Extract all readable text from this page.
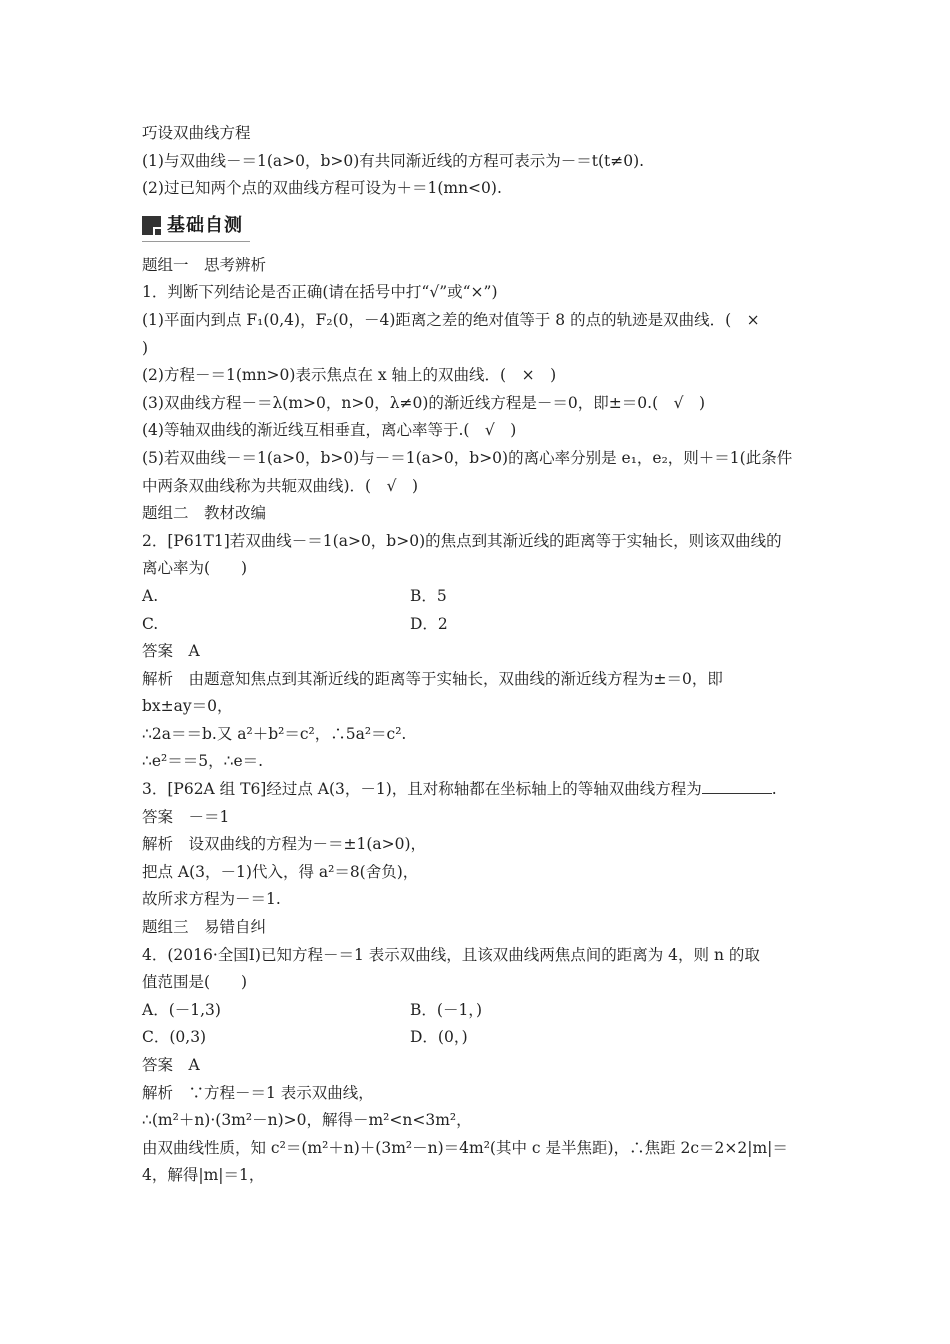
巧设双曲线方程
(1)与双曲线－＝1(a>0，b>0)有共同渐近线的方程可表示为－＝t(t≠0).
(2)过已知两个点的双曲线方程可设为＋＝1(mn<0).
基础自测
题组一　思考辨析
1．判断下列结论是否正确(请在括号中打“√”或“×”)
(1)平面内到点 F₁(0,4)，F₂(0，－4)距离之差的绝对值等于 8 的点的轨迹是双曲线．(　×
)
(2)方程－＝1(mn>0)表示焦点在 x 轴上的双曲线．(　×　)
(3)双曲线方程－＝λ(m>0，n>0，λ≠0)的渐近线方程是－＝0，即±＝0.(　√　)
(4)等轴双曲线的渐近线互相垂直，离心率等于.(　√　)
(5)若双曲线－＝1(a>0，b>0)与－＝1(a>0，b>0)的离心率分别是 e₁，e₂，则＋＝1(此条件
中两条双曲线称为共轭双曲线)．(　√　)
题组二　教材改编
2．[P61T1]若双曲线－＝1(a>0，b>0)的焦点到其渐近线的距离等于实轴长，则该双曲线的
离心率为(　　)
A.	B．5
C.	D．2
答案　A
解析　由题意知焦点到其渐近线的距离等于实轴长，双曲线的渐近线方程为±＝0，即
bx±ay＝0，
∴2a＝＝b.又 a²＋b²＝c²，∴5a²＝c².
∴e²＝＝5，∴e＝.
3．[P62A 组 T6]经过点 A(3，－1)，且对称轴都在坐标轴上的等轴双曲线方程为	.
答案　－＝1
解析　设双曲线的方程为－＝±1(a>0)，
把点 A(3，－1)代入，得 a²＝8(舍负)，
故所求方程为－＝1.
题组三　易错自纠
4．(2016·全国Ⅰ)已知方程－＝1 表示双曲线，且该双曲线两焦点间的距离为 4，则 n 的取
值范围是(　　)
A．(－1,3)	B．(－1，)
C．(0,3)	D．(0，)
答案　A
解析　∵方程－＝1 表示双曲线，
∴(m²＋n)·(3m²－n)>0，解得－m²<n<3m²，
由双曲线性质，知 c²＝(m²＋n)＋(3m²－n)＝4m²(其中 c 是半焦距)，∴焦距 2c＝2×2|m|＝
4，解得|m|＝1，
